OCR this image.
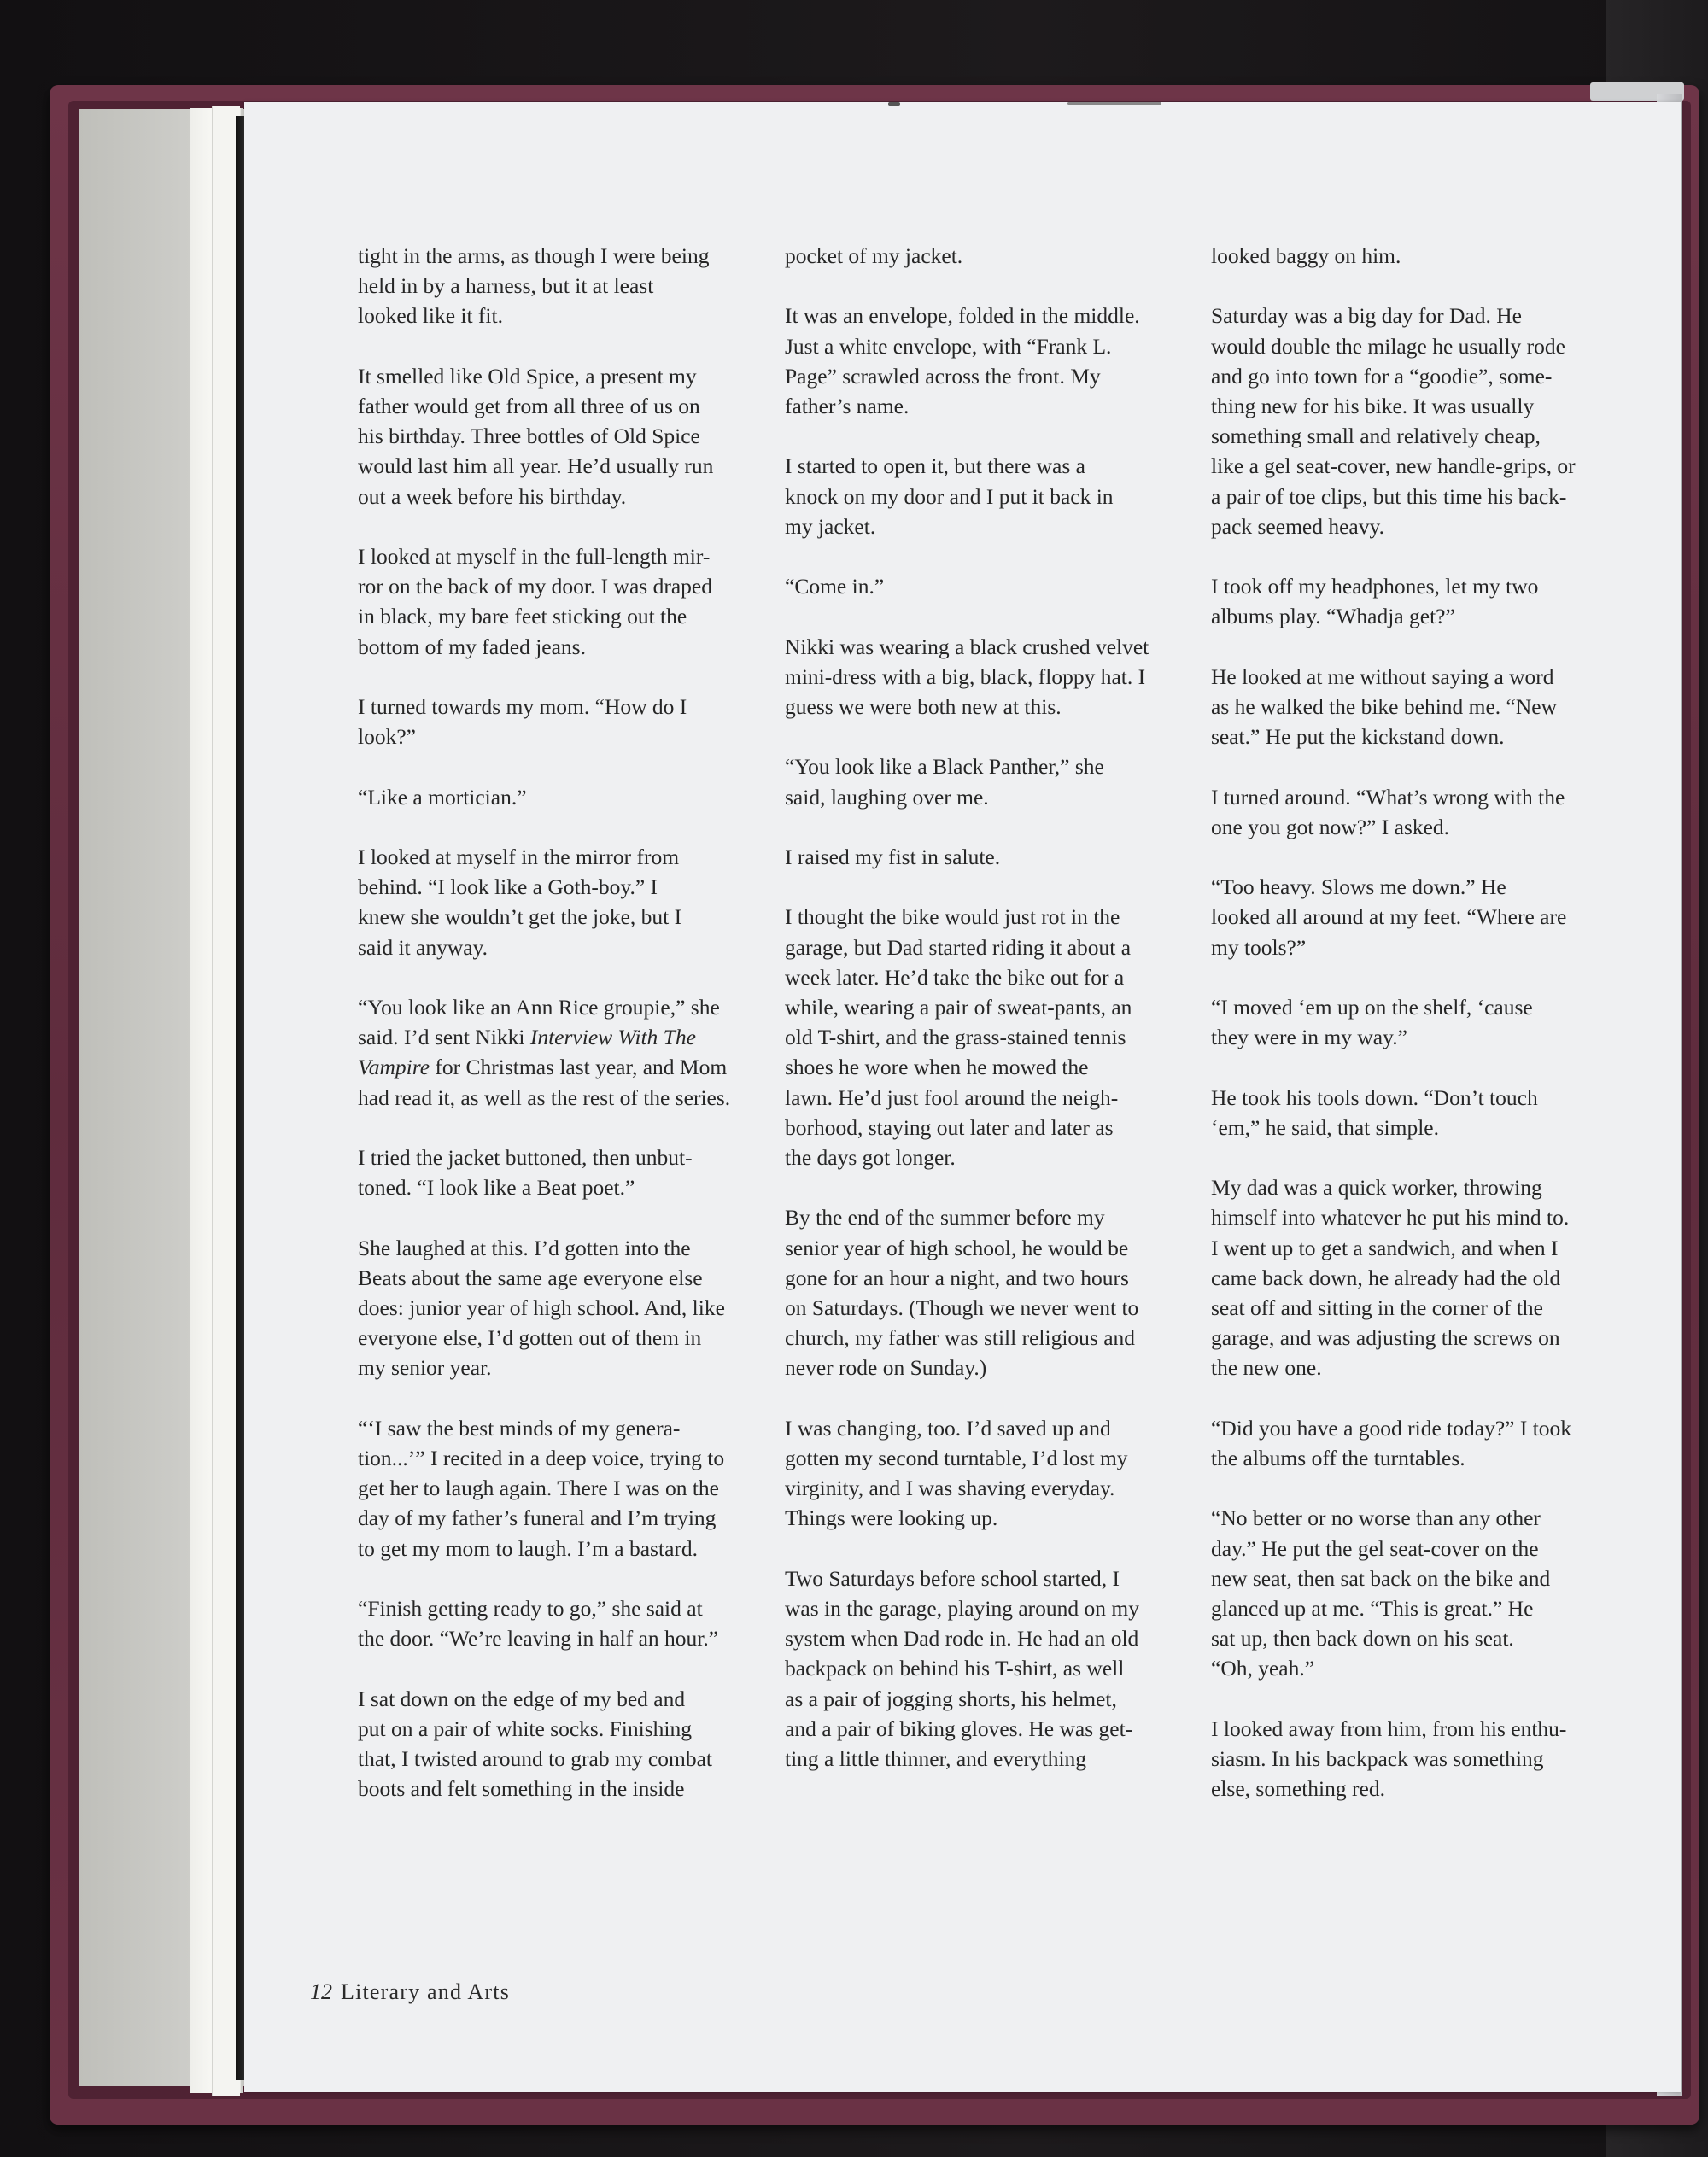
tight in the arms, as though I were being
held in by a harness, but it at least
looked like it fit.

It smelled like Old Spice, a present my
father would get from all three of us on
his birthday. Three bottles of Old Spice
would last him all year. He’d usually run
out a week before his birthday.

I looked at myself in the full-length mir-
ror on the back of my door. I was draped
in black, my bare feet sticking out the
bottom of my faded jeans.

I turned towards my mom. “How do I
look?”

“Like a mortician.”

I looked at myself in the mirror from
behind. “I look like a Goth-boy.” I
knew she wouldn’t get the joke, but I
said it anyway.

“You look like an Ann Rice groupie,” she
said. I’d sent Nikki Interview With The
Vampire for Christmas last year, and Mom
had read it, as well as the rest of the series.

I tried the jacket buttoned, then unbut-
toned. “I look like a Beat poet.”

She laughed at this. I’d gotten into the
Beats about the same age everyone else
does: junior year of high school. And, like
everyone else, I’d gotten out of them in
my senior year.

“‘I saw the best minds of my genera-
tion...’” I recited in a deep voice, trying to
get her to laugh again. There I was on the
day of my father’s funeral and I’m trying
to get my mom to laugh. I’m a bastard.

“Finish getting ready to go,” she said at
the door. “We’re leaving in half an hour.”

I sat down on the edge of my bed and
put on a pair of white socks. Finishing
that, I twisted around to grab my combat
boots and felt something in the inside

pocket of my jacket.

It was an envelope, folded in the middle.
Just a white envelope, with “Frank L.
Page” scrawled across the front. My
father’s name.

I started to open it, but there was a
knock on my door and I put it back in
my jacket.

“Come in.”

Nikki was wearing a black crushed velvet
mini-dress with a big, black, floppy hat. I
guess we were both new at this.

“You look like a Black Panther,” she
said, laughing over me.

I raised my fist in salute.

I thought the bike would just rot in the
garage, but Dad started riding it about a
week later. He’d take the bike out for a
while, wearing a pair of sweat-pants, an
old T-shirt, and the grass-stained tennis
shoes he wore when he mowed the
lawn. He’d just fool around the neigh-
borhood, staying out later and later as
the days got longer.

By the end of the summer before my
senior year of high school, he would be
gone for an hour a night, and two hours
on Saturdays. (Though we never went to
church, my father was still religious and
never rode on Sunday.)

I was changing, too. I’d saved up and
gotten my second turntable, I’d lost my
virginity, and I was shaving everyday.
Things were looking up.

Two Saturdays before school started, I
was in the garage, playing around on my
system when Dad rode in. He had an old
backpack on behind his T-shirt, as well
as a pair of jogging shorts, his helmet,
and a pair of biking gloves. He was get-
ting a little thinner, and everything

looked baggy on him.

Saturday was a big day for Dad. He
would double the milage he usually rode
and go into town for a “goodie”, some-
thing new for his bike. It was usually
something small and relatively cheap,
like a gel seat-cover, new handle-grips, or
a pair of toe clips, but this time his back-
pack seemed heavy.

I took off my headphones, let my two
albums play. “Whadja get?”

He looked at me without saying a word
as he walked the bike behind me. “New
seat.” He put the kickstand down.

I turned around. “What’s wrong with the
one you got now?” I asked.

“Too heavy. Slows me down.” He
looked all around at my feet. “Where are
my tools?”

“I moved ‘em up on the shelf, ‘cause
they were in my way.”

He took his tools down. “Don’t touch
‘em,” he said, that simple.

My dad was a quick worker, throwing
himself into whatever he put his mind to.
I went up to get a sandwich, and when I
came back down, he already had the old
seat off and sitting in the corner of the
garage, and was adjusting the screws on
the new one.

“Did you have a good ride today?” I took
the albums off the turntables.

“No better or no worse than any other
day.” He put the gel seat-cover on the
new seat, then sat back on the bike and
glanced up at me. “This is great.” He
sat up, then back down on his seat.
“Oh, yeah.”

I looked away from him, from his enthu-
siasm. In his backpack was something
else, something red.

12 Literary and Arts
